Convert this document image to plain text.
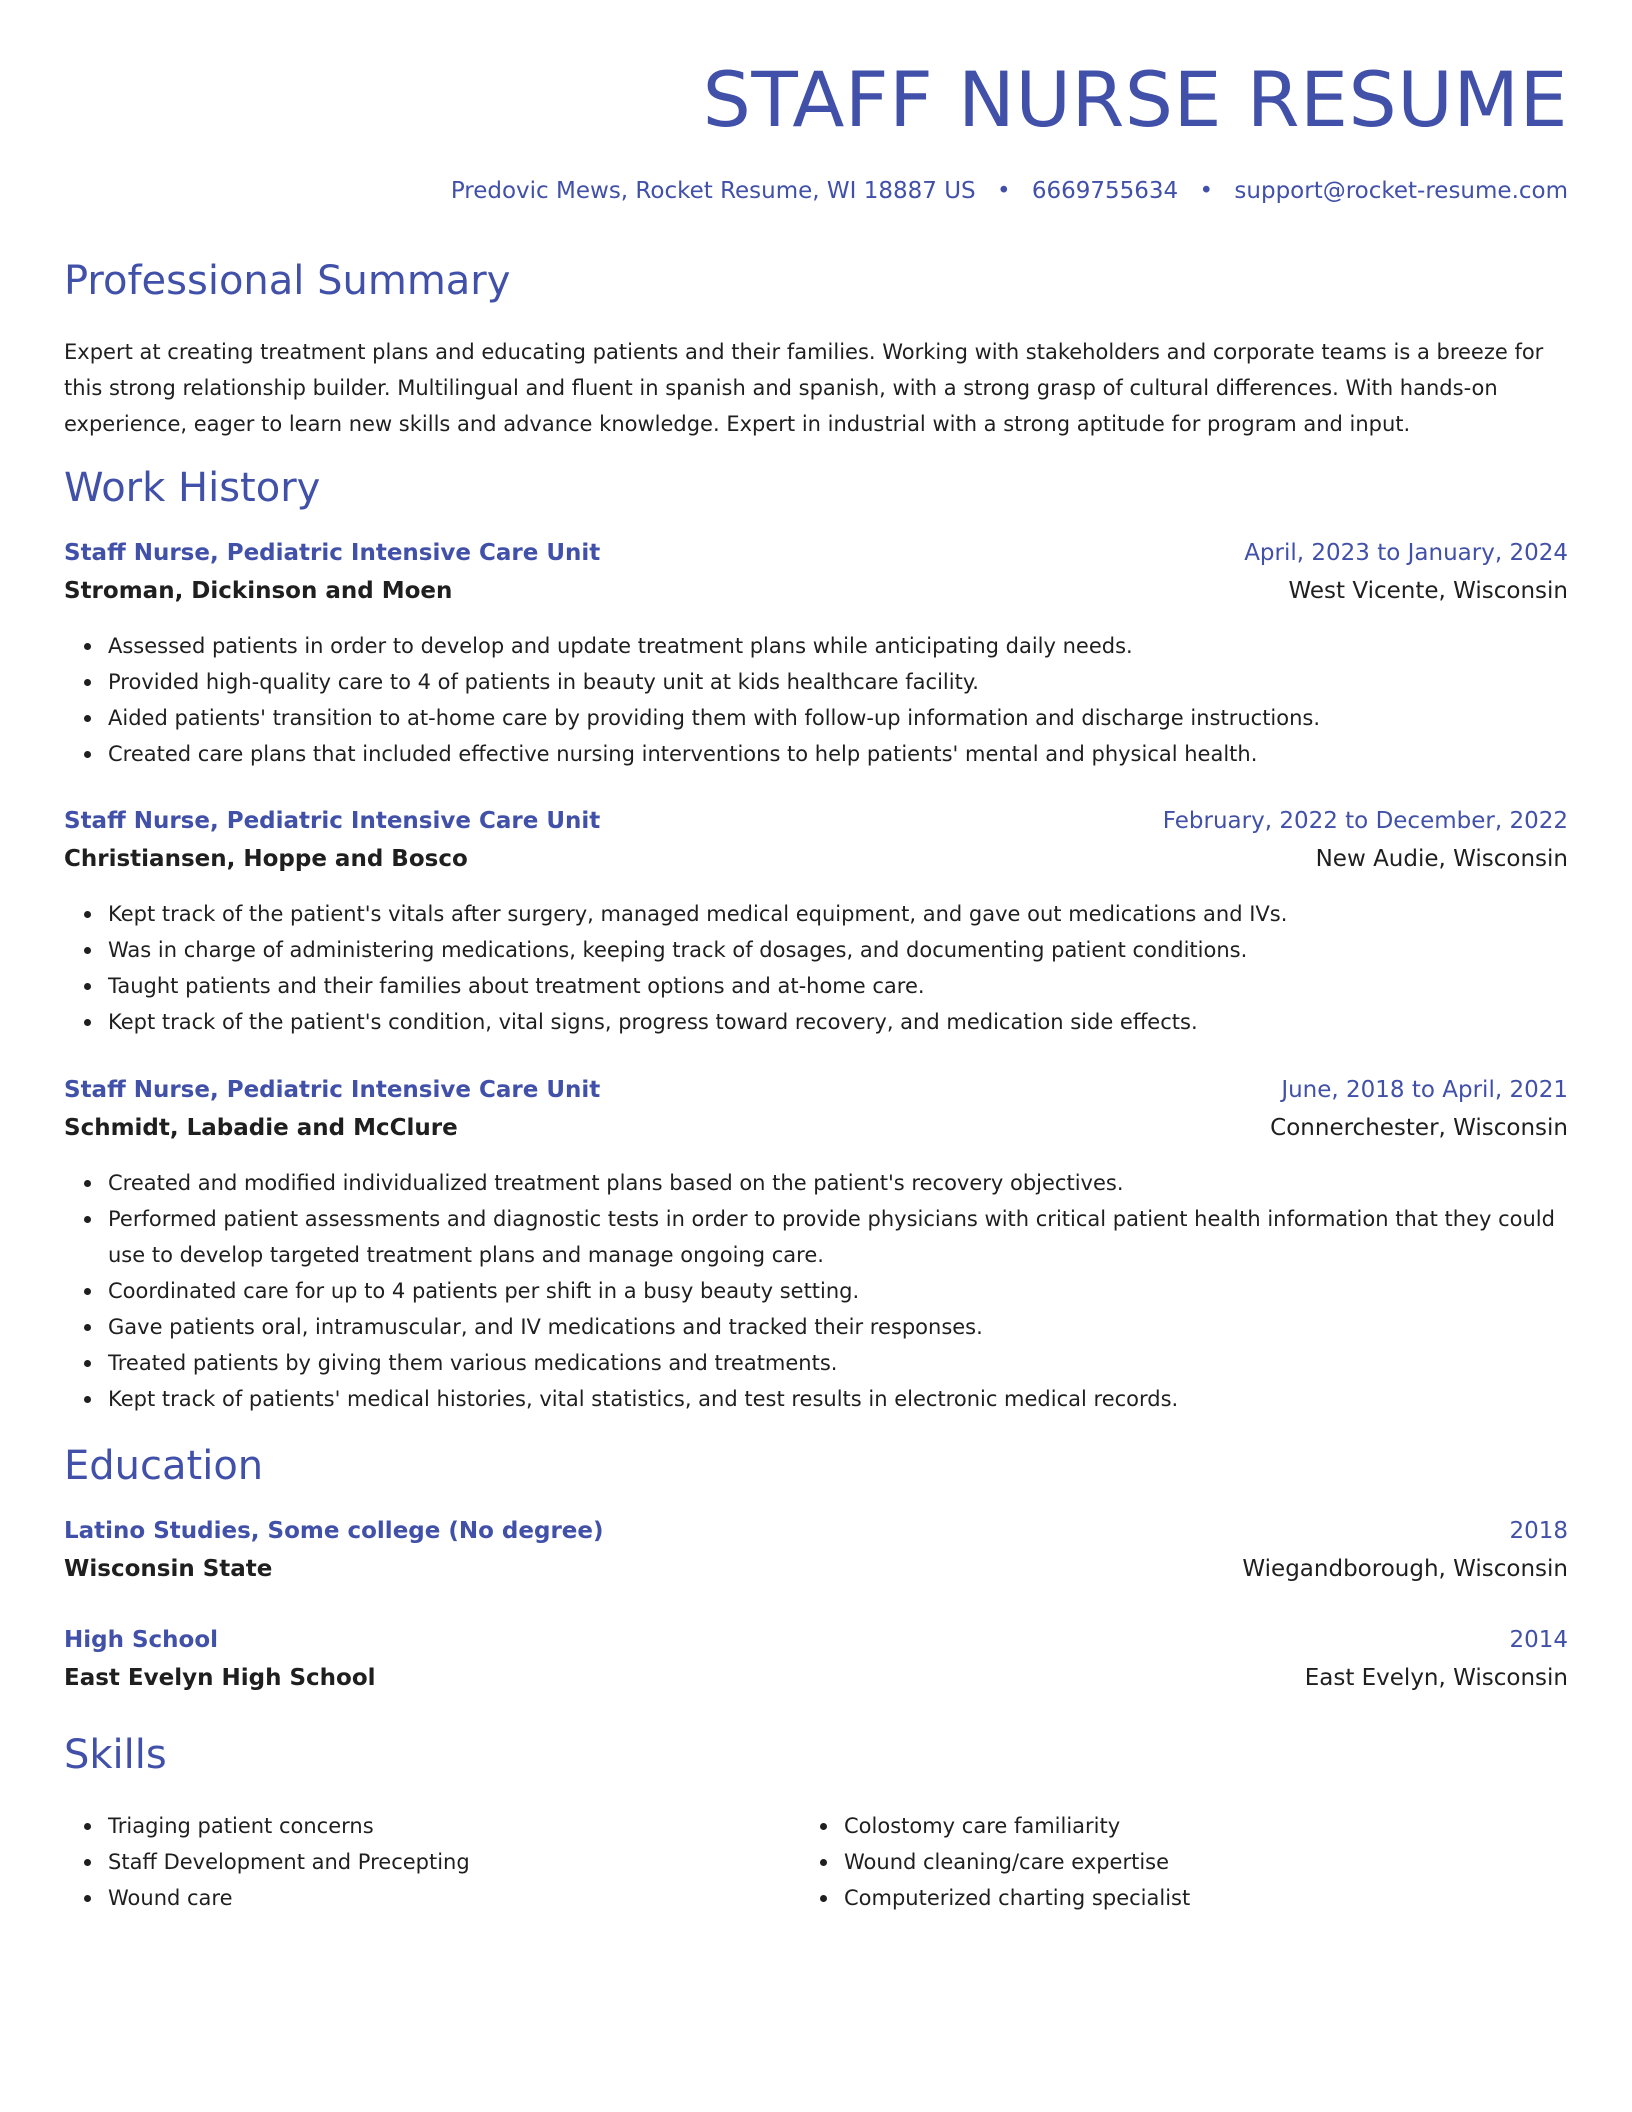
STAFF NURSE RESUME
Predovic Mews, Rocket Resume, WI 18887 US • 6669755634 • support@rocket-resume.com
Professional Summary

Expert at creating treatment plans and educating patients and their families. Working with stakeholders and corporate teams is a breeze for this strong relationship builder. Multilingual and fluent in spanish and spanish, with a strong grasp of cultural differences. With hands-on experience, eager to learn new skills and advance knowledge. Expert in industrial with a strong aptitude for program and input.

Work History
Staff Nurse, Pediatric Intensive Care Unit	April, 2023 to January, 2024
Stroman, Dickinson and Moen	West Vicente, Wisconsin
Assessed patients in order to develop and update treatment plans while anticipating daily needs.
Provided high-quality care to 4 of patients in beauty unit at kids healthcare facility.
Aided patients' transition to at-home care by providing them with follow-up information and discharge instructions.
Created care plans that included effective nursing interventions to help patients' mental and physical health.
Staff Nurse, Pediatric Intensive Care Unit	February, 2022 to December, 2022
Christiansen, Hoppe and Bosco	New Audie, Wisconsin
Kept track of the patient's vitals after surgery, managed medical equipment, and gave out medications and IVs.
Was in charge of administering medications, keeping track of dosages, and documenting patient conditions.
Taught patients and their families about treatment options and at-home care.
Kept track of the patient's condition, vital signs, progress toward recovery, and medication side effects.
Staff Nurse, Pediatric Intensive Care Unit	June, 2018 to April, 2021
Schmidt, Labadie and McClure	Connerchester, Wisconsin
Created and modified individualized treatment plans based on the patient's recovery objectives.
Performed patient assessments and diagnostic tests in order to provide physicians with critical patient health information that they could use to develop targeted treatment plans and manage ongoing care.
Coordinated care for up to 4 patients per shift in a busy beauty setting.
Gave patients oral, intramuscular, and IV medications and tracked their responses.
Treated patients by giving them various medications and treatments.
Kept track of patients' medical histories, vital statistics, and test results in electronic medical records.
Education
Latino Studies, Some college (No degree)	2018
Wisconsin State	Wiegandborough, Wisconsin
High School	2014
East Evelyn High School	East Evelyn, Wisconsin
Skills
Triaging patient concerns
Staff Development and Precepting
Wound care
Colostomy care familiarity
Wound cleaning/care expertise
Computerized charting specialist
